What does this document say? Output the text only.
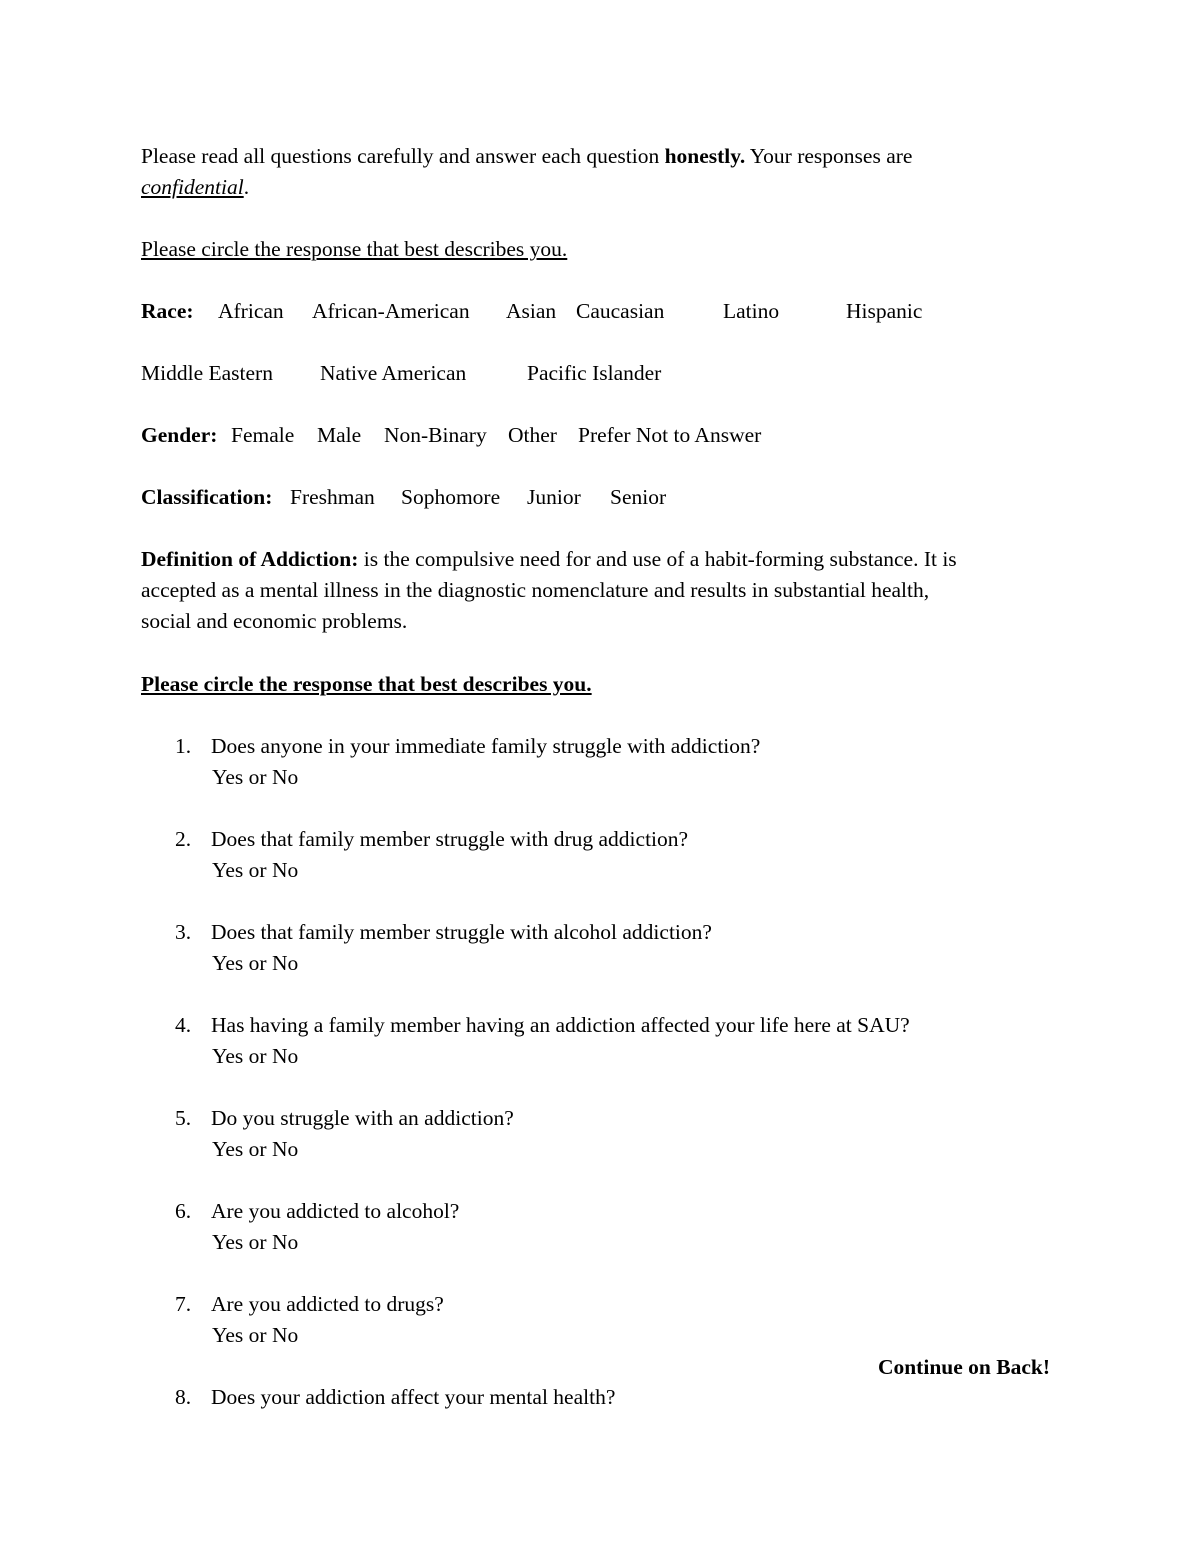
Please read all questions carefully and answer each question honestly. Your responses are
confidential.
Please circle the response that best describes you.
Race: African African-American Asian Caucasian	Latino	Hispanic
Middle Eastern Native American	Pacific Islander
Gender: Female Male Non-Binary Other Prefer Not to Answer
Classification: Freshman Sophomore Junior Senior
Definition of Addiction: is the compulsive need for and use of a habit-forming substance. It is
accepted as a mental illness in the diagnostic nomenclature and results in substantial health,
social and economic problems.
Please circle the response that best describes you.
1. Does anyone in your immediate family struggle with addiction?
Yes or No
2. Does that family member struggle with drug addiction?
Yes or No
3. Does that family member struggle with alcohol addiction?
Yes or No
4. Has having a family member having an addiction affected your life here at SAU?
Yes or No
5. Do you struggle with an addiction?
Yes or No
6. Are you addicted to alcohol?
Yes or No
7. Are you addicted to drugs?
Yes or No
8. Does your addiction affect your mental health?
Continue on Back!
